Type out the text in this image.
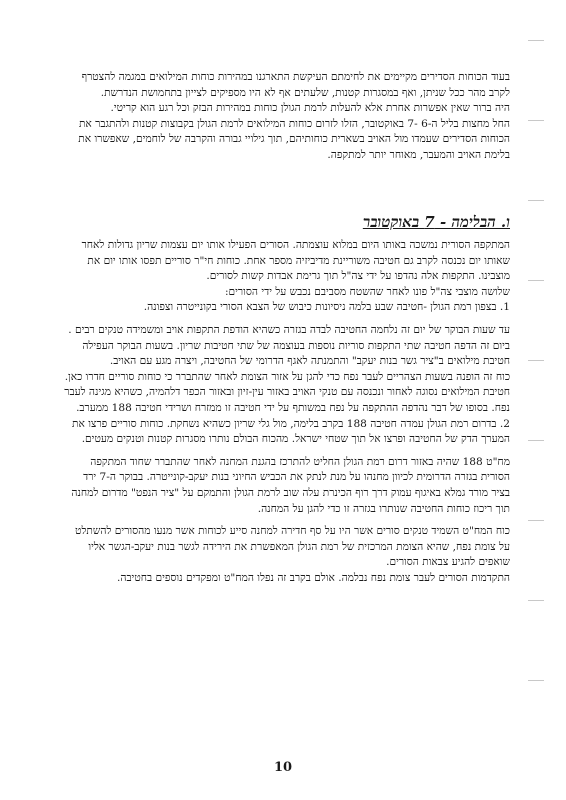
בעוד הכוחות הסדירים מקיימים את לחימתם העיקשת התארגנו במהירות כוחות המילואים במגמה להצטרף לקרב מהר ככל שניתן, ואף במסגרות קטנות, שלעתים אף לא היו מספיקים לצייון בתחמושת הנדרשת.

היה ברור שאין אפשרות אחרת אלא להעלות לרמת הגולן כוחות במהירות הבזק וכל רגע הוא קריטי.

החל מחצות בליל ה-6 -7 באוקטובר, הזלו לזרום כוחות המילואים לרמת הגולן בקבוצות קטנות ולהתגבר את הכוחות הסדירים שעמדו מול האויב בשארית כוחותיהם, תוך גילויי גבורה והקרבה של לוחמים, שאפשרו את בלימת האויב והמעבר, מאוחר יותר למתקפה.

ו. הבלימה - 7 באוקטובר

המתקפה הסורית נמשכה באותו היום במלוא עוצמתה. הסורים הפעילו אותו יום עצמות שריון גדולות לאחר שאותו יום נכנסה לקרב גם חטיבה משוריינת מדיביזיה מספר אחת. כוחות חי"ר סוריים תפסו אותו יום את מוצבינו. התקפות אלה נהדפו על ידי צה"ל תוך גרימת אבדות קשות לסורים.

שלושה מוצבי צה"ל פונו לאחר שהשטח מסביבם נכבש על ידי הסורים:

1. בצפון רמת הגולן -חטיבה שבע בלמה ניסיונות כיבוש של הצבא הסורי בקונייטרה וצפונה.

עד שעות הבוקר של יום זה נלחמה החטיבה לבדה בגזרה כשהיא הודפת התקפות אויב ומשמידה טנקים רבים .

ביום זה הדפה חטיבה שתי התקפות סוריות נוספות בעוצמה של שתי חטיבות שריון. בשעות הבוקר העפילה חטיבת מילואים ב"ציר גשר בנות יעקב" והתמנתה לאגף הדרומי של החטיבה, ויצרה מגע עם האויב.

כוח זה הופנה בשעות הצהריים לעבר נפח כדי להגן על אזור הצומת לאחר שהתברר כי כוחות סוריים חדרו כאן.

חטיבת המילואים נסוגה לאחור ונכנסה עם טנקי האויב באזור עין-זיון ובאזור הכפר דלהמיה, כשהיא מגינה לעבר נפח. בסופו של דבר נהדפה ההתקפה על נפח במשותף על ידי חטיבה זו ממזרח ושרידי חטיבה 188 ממערב.

2. בדרום רמת הגולן עמדה חטיבה 188 בקרב בלימה, מול גלי שריון כשהיא נשחקת. כוחות סוריים פרצו את המערך הדק של החטיבה ופרצו אל תוך שטחי ישראל. מהכוח הבולם נותרו מסגרות קטנות וטנקים מעטים.

מח"ט 188 שהיה באזור דרום רמת הגולן החליט להתרכז בהגנת המחנה לאחר שהתברר שחוד המתקפה הסורית בגזרה הדרומית לכיוון מחנהו על מנת לנתק את הכביש החיוני בנות יעקב-קונייטרה. בבוקר ה-7 ירד בציר מורד גמלא באיגוף עמוק דרך רוף הכינרת עלה שוב לרמת הגולן והתמקם על "ציר הנפט" מדרום למחנה תוך ריכוז כוחות החטיבה שנותרו בגזרה זו כדי להגן על המחנה.

כוח המח"ט השמיד טנקים סורים אשר היו על סף חדירה למחנה סייע לכוחות אשר מנעו מהסורים להשתלט על צומת נפח, שהיא הצומת המרכזית של רמת הגולן המאפשרת את הירידה לגשר בנות יעקב-הגשר אליו שואפים להגיע צבאות הסורים.

התקדמות הסורים לעבר צומת נפח נבלמה. אולם בקרב זה נפלו המח"ט ומפקדים נוספים בחטיבה.

10
